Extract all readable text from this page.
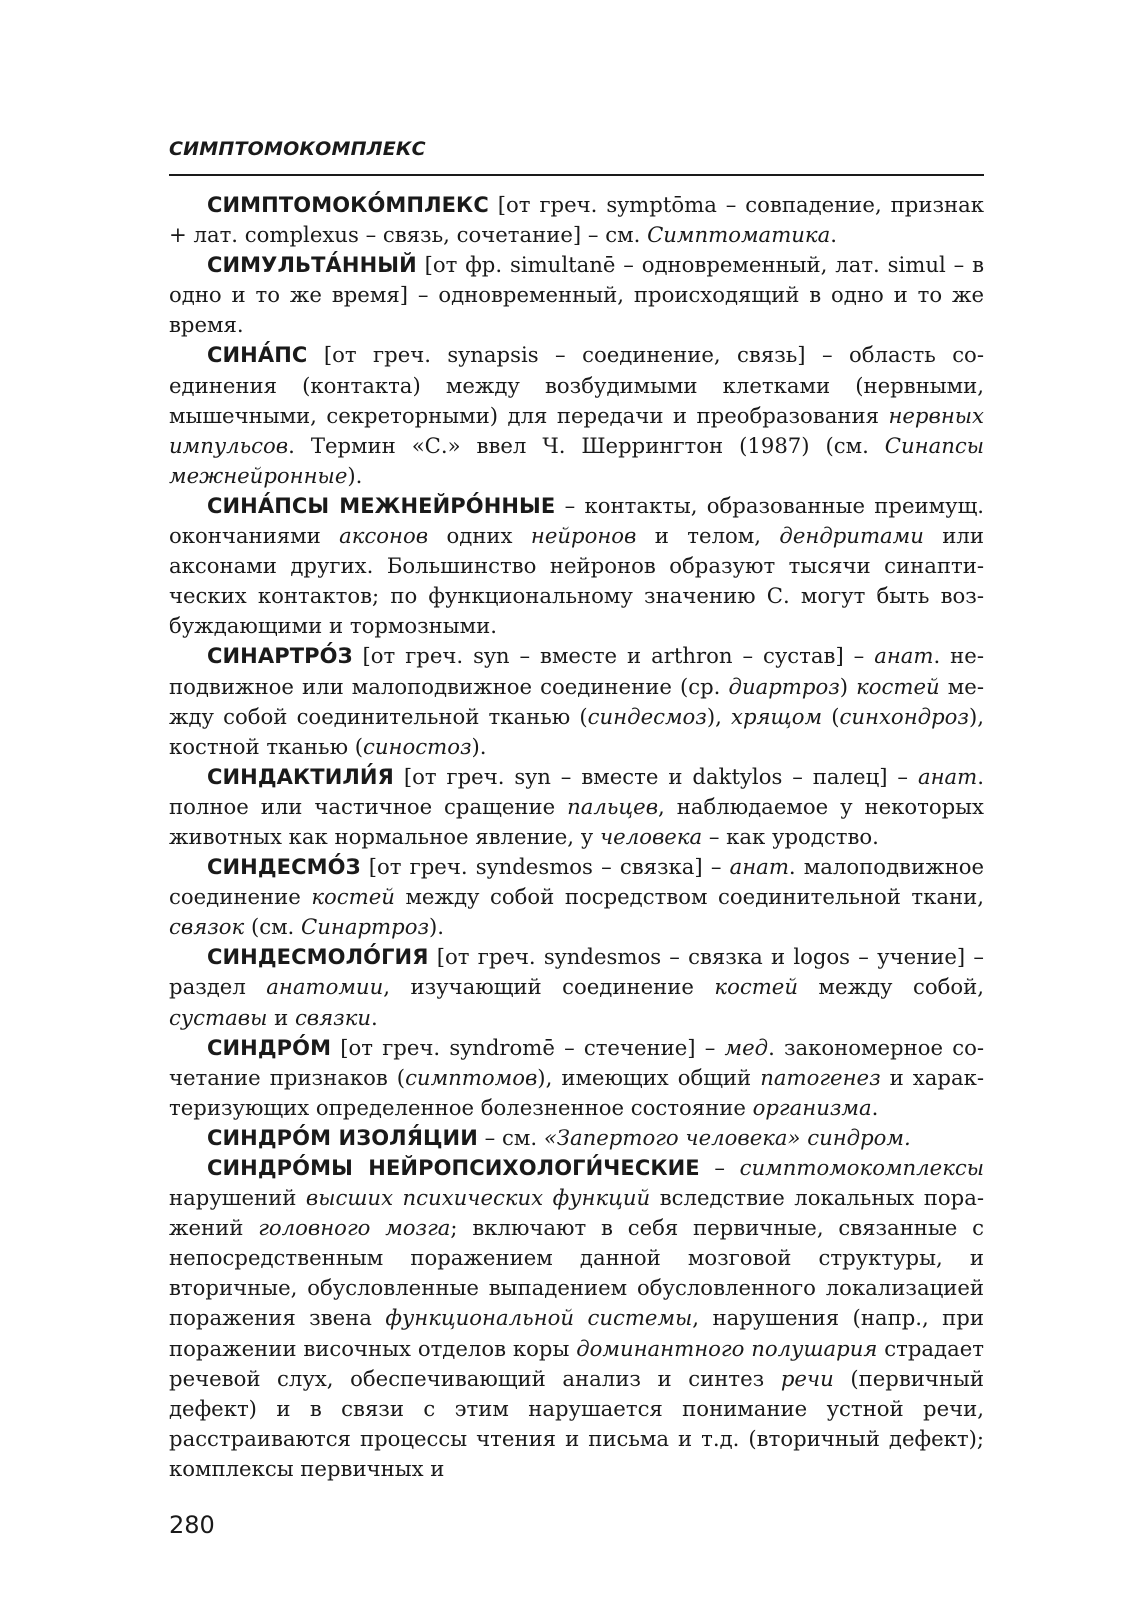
СИМПТОМОКОМПЛЕКС

СИМПТОМОКО́МПЛЕКС [от греч. symptōma – совпадение, признак + лат. complexus – связь, сочетание] – см. Симптоматика.

СИМУЛЬТА́ННЫЙ [от фр. simultanē – одновременный, лат. simul – в одно и то же время] – одновременный, происходящий в одно и то же время.

СИНА́ПС [от греч. synapsis – соединение, связь] – область соединения (контакта) между возбудимыми клетками (нервными, мышечными, секреторными) для передачи и преобразования нервных импульсов. Термин «С.» ввел Ч. Шеррингтон (1987) (см. Синапсы межнейронные).

СИНА́ПСЫ МЕЖНЕЙРО́ННЫЕ – контакты, образованные преимущ. окончаниями аксонов одних нейронов и телом, дендритами или аксонами других. Большинство нейронов образуют тысячи синаптических контактов; по функциональному значению С. могут быть возбуждающими и тормозными.

СИНАРТРО́З [от греч. syn – вместе и arthron – сустав] – анат. неподвижное или малоподвижное соединение (ср. диартроз) костей между собой соединительной тканью (синдесмоз), хрящом (синхондроз), костной тканью (синостоз).

СИНДАКТИЛИ́Я [от греч. syn – вместе и daktylos – палец] – анат. полное или частичное сращение пальцев, наблюдаемое у некоторых животных как нормальное явление, у человека – как уродство.

СИНДЕСМО́З [от греч. syndesmos – связка] – анат. малоподвижное соединение костей между собой посредством соединительной ткани, связок (см. Синартроз).

СИНДЕСМОЛО́ГИЯ [от греч. syndesmos – связка и logos – учение] – раздел анатомии, изучающий соединение костей между собой, суставы и связки.

СИНДРО́М [от греч. syndromē – стечение] – мед. закономерное сочетание признаков (симптомов), имеющих общий патогенез и характеризующих определенное болезненное состояние организма.

СИНДРО́М ИЗОЛЯ́ЦИИ – см. «Запертого человека» синдром.

СИНДРО́МЫ НЕЙРОПСИХОЛОГИ́ЧЕСКИЕ – симптомокомплексы нарушений высших психических функций вследствие локальных поражений головного мозга; включают в себя первичные, связанные с непосредственным поражением данной мозговой структуры, и вторичные, обусловленные выпадением обусловленного локализацией поражения звена функциональной системы, нарушения (напр., при поражении височных отделов коры доминантного полушария страдает речевой слух, обеспечивающий анализ и синтез речи (первичный дефект) и в связи с этим нарушается понимание устной речи, расстраиваются процессы чтения и письма и т.д. (вторичный дефект); комплексы первичных и

280
